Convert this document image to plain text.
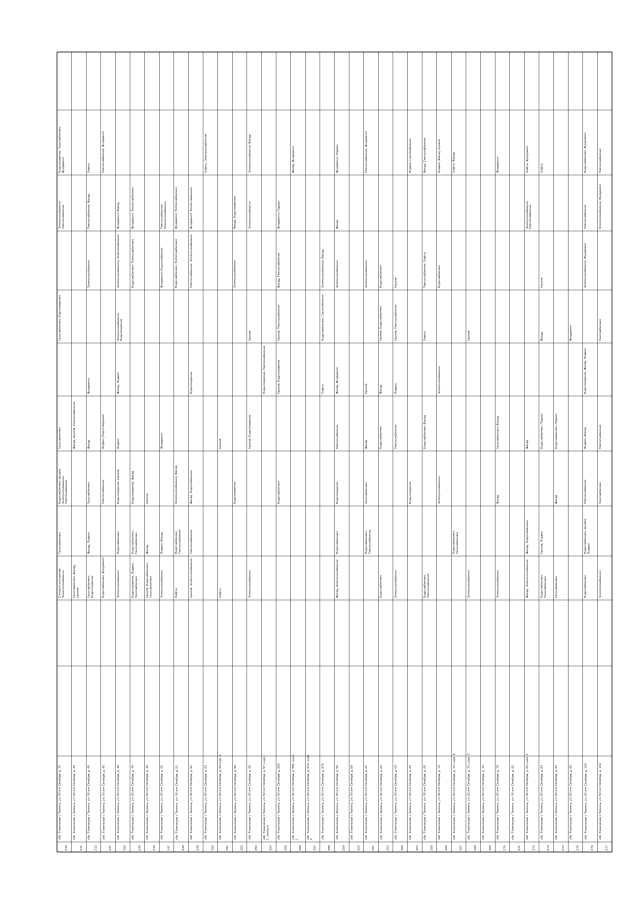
242
обл. Тюменская г. Тюмень, ул. 50 лет Октября, д. 70
Сетевые отношения, Электроснабжение
Газоснабжение
Водоснабжение, Кровля, Электроснабжение, Теплоснабжение
Газоснабжение
Газоснабжение, Водоотведение
Электроснабжение, Теплоснабжение
Водоотведение, Газоснабжение, Фундамент
211
обл. Тюменская г. Тюмень, ул. 50 лет Октября, д. 43
Газоснабжение, Фасад, Кровля
Фасад, Кровля, Теплоснабжение
212
обл. Тюменская г. Тюмень, ул. 50 лет Октября, д. 45
Газоснабжение, Водоотведение
Фасад, Подвал
Газоснабжение
Фасад
Фундамент
Электроснабжение
Теплоснабжение, Фасад
Лифты
247
обл. Тюменская г. Тюмень, ул. 50 лет Октября, д. 45
Водоснабжение, Фундамент
Теплоснабжение
Подвал, Водоотведение
Теплоснабжение, Фундамент
253
обл. Тюменская г. Тюмень, ул. 50 лет Октября, д. 49
Электроснабжение
Водоснабжение
Водоотведение, Кровля
Подвал
Фасад, Подвал
Электроснабжение, Водоотведение
Электроснабжение, Теплоснабжение
Фундамент, Фасад
245
обл. Тюменская г. Тюмень, ул. 50 лет Октября, д. 49
Водоотведение, Подвал, Газоснабжение
Водоснабжение, Газоснабжение
Водоотведение, Фасад
Водоснабжение, Теплоснабжение
Фундамент, Теплоснабжение
246
обл. Тюменская г. Тюмень, ул. 50 лет Октября, д. 49
Кровля, Водоснабжение, Газоснабжение
Фасад
Кровля
247
обл. Тюменская г. Тюмень, ул. 50 лет Октября, д. 50
Электроснабжение
Подвал, Фасад
Фундамент
Фундамент, Водоснабжение
Теплоснабжение, Электроснабжение
248
обл. Тюменская г. Тюмень, ул. 50 лет Октября, д. 51
Лифты
Водоснабжение, Теплоснабжение
Электроснабжение, Фасад
Водоснабжение, Теплоснабжение
Фундамент, Теплоснабжение
249
обл. Тюменская г. Тюмень, ул. 50 лет Октября, д. 52
Кровля, Электроснабжение
Теплоснабжение
Фасад, Водоснабжение
Водоотведение
Теплоснабжение, Электроснабжение
Фундамент, Теплоснабжение
250
обл. Тюменская г. Тюмень, ул. 50 лет Октября, д. 53
Лифты, Электроснабжение
251
обл. Тюменская г. Тюмень, ул. 50 лет Октября, д. 53 корп. 1
Лифты
Кровля
252
обл. Тюменская г. Тюмень, ул. 50 лет Октября, д. 55
Водоотведение
Электроснабжение
Фасад, Водоотведение
253
обл. Тюменская г. Тюмень, ул. 50 лет Октября, д. 55
Электроснабжение
Кровля, Водоотведение
Кровля
Электроснабжение
Электроснабжение, Фасад
254
обл. Тюменская г. Тюмень, ул. 50 лет Октября, д. 57, корп. 1, литер А
Водоотведение, Теплоснабжение
255
обл. Тюменская г. Тюмень, ул. 50 лет Октября, д. 55А
Водоснабжение
Кровля, Водоотведение
Кровля, Теплоснабжение
Фасад, Теплоснабжение
Фундамент, Подвал
256
обл. Тюменская г. Тюмень, ул. 50 лет Октября, д. 55б, корп. 1
Фасад, Фундамент
257
обл. Тюменская г. Тюмень, ул. 50 лет Октября, д. 57А, корп. 2
258
обл. Тюменская г. Тюмень, ул. 50 лет Октября, д. 57б
Лифты
Водоснабжение, Газоснабжение
Электроснабжение, Фасад
259
обл. Тюменская г. Тюмень, ул. 50 лет Октября, д. 59
Фасад, Электроснабжение
Водоснабжение
Водоотведение
Теплоснабжение
Фасад, Фундамент
Электроснабжение
Фасад
Фундамент, Подвал
260
обл. Тюменская г. Тюмень, ул. 50 лет Октября, д. 59
261
обл. Тюменская г. Тюмень, ул. 50 лет Октября, д. 60
Водоснабжение, Теплоснабжение
Газоснабжение
Фасад
Кровля
Электроснабжение
Теплоснабжение, Фундамент
262
обл. Тюменская г. Тюмень, ул. 50 лет Октября, д. 62
Водоснабжение
Водоснабжение
Фасад
Кровля, Водоснабжение
Водоснабжение
263
обл. Тюменская г. Тюмень, ул. 50 лет Октября, д. 63
Электроснабжение
Теплоснабжение
Подвал
Кровля, Теплоснабжение
Кровля
264
обл. Тюменская г. Тюмень, ул. 50 лет Октября, д. 64
Водоотведение
Подвал, Газоснабжение
265
обл. Тюменская г. Тюмень, ул. 50 лет Октября, д. 65
Водоснабжение, Теплоснабжение
Водоснабжение, Фасад
Лифты
Теплоснабжение, Лифты
Фасад, Теплоснабжение
266
обл. Тюменская г. Тюмень, ул. 50 лет Октября, д. 74
Электроснабжение
Электроснабжение
Водоснабжение
Подвал, Фасад, Кровля
267
обл. Тюменская г. Тюмень, ул. 50 лет Октября, д. 74, корп. 2
Водоснабжение, Газоснабжение
Лифты, Фасад
268
обл. Тюменская г. Тюмень, ул. 50 лет Октября, д. 74, корп. 3
Электроснабжение
Кровля
269
обл. Тюменская г. Тюмень, ул. 50 лет Октября, д. 76
270
обл. Тюменская г. Тюмень, ул. 50 лет Октября, д. 79
Электроснабжение
Фасад
Газоснабжение, Фасад
Фундамент
271
обл. Тюменская г. Тюмень, ул. 50 лет Октября, д. 82
272
обл. Тюменская г. Тюмень, ул. 50 лет Октября, д. 83, корп. 1
Фасад, Электроснабжение
Фасад, Водоснабжение
Фасад
Электроснабжение, Теплоснабжение
Лифты, Фундамент
273
обл. Тюменская г. Тюмень, ул. 50 лет Октября, д. 83
Водоснабжение, Газоснабжение
Кровля, Подвал
Водоснабжение, Подвал
Фасад
Кровля
Лифты
274
обл. Тюменская г. Тюмень, ул. 50 лет Октября, д. 84
Газоснабжение
Фасад
Водоснабжение, Подвал
275
обл. Тюменская г. Тюмень, ул. 50 лет Октября, д. 85
Фундамент
276
обл. Тюменская г. Тюмень, ул. 50 лет Октября, д. 109
Водоснабжение
Водоснабжение, Кровля, Подвал
Теплоснабжение
Подвал, Фасад
Водоотведение, Фасад, Подвал
Электроснабжение, Фундамент
Теплоснабжение
Водоснабжение, Фундамент
277
обл. Тюменская г. Тюмень, ул. 50 лет Октября, д. 109
Электроснабжение
Газоснабжение
Теплоснабжение
Газоснабжение
Электроснабжение, Фундамент
Теплоснабжение
